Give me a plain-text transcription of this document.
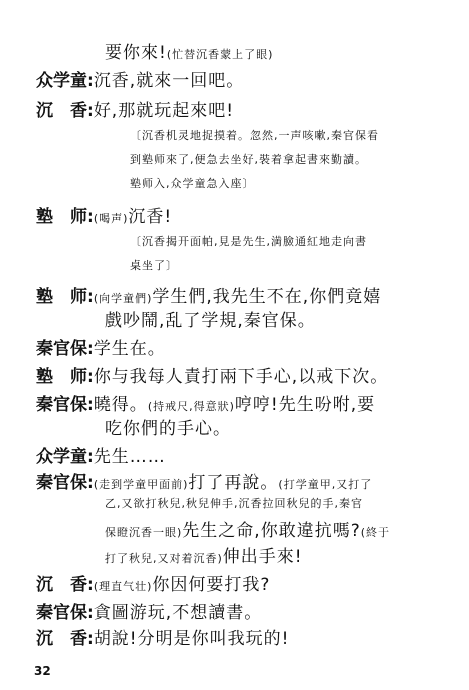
要你來!(忙替沉香蒙上了眼)
众学童:沉香,就來一回吧。
沉　香:好,那就玩起來吧!
〔沉香机灵地捉摸着。忽然,一声咳嗽,秦官保看
到塾师來了,便急去坐好,裝着拿起書來勤讀。
塾师入,众学童急入座〕
塾　师:(喝声)沉香!
〔沉香揭开面帕,見是先生,満臉通紅地走向書
桌坐了〕
塾　师:(向学童們)学生們,我先生不在,你們竟嬉
戲吵鬧,乱了学規,秦官保。
秦官保:学生在。
塾　师:你与我每人責打兩下手心,以戒下次。
秦官保:曉得。(持戒尺,得意狀)哼哼!先生吩咐,要
吃你們的手心。
众学童:先生……
秦官保:(走到学童甲面前)打了再說。(打学童甲,又打了
乙,又欲打秋兒,秋兒伸手,沉香拉回秋兒的手,秦官
保瞪沉香一眼)先生之命,你敢違抗嗎?(終于
打了秋兒,又对着沉香)伸出手來!
沉　香:(理直气壮)你因何要打我?
秦官保:貪圖游玩,不想讀書。
沉　香:胡說!分明是你叫我玩的!
32
